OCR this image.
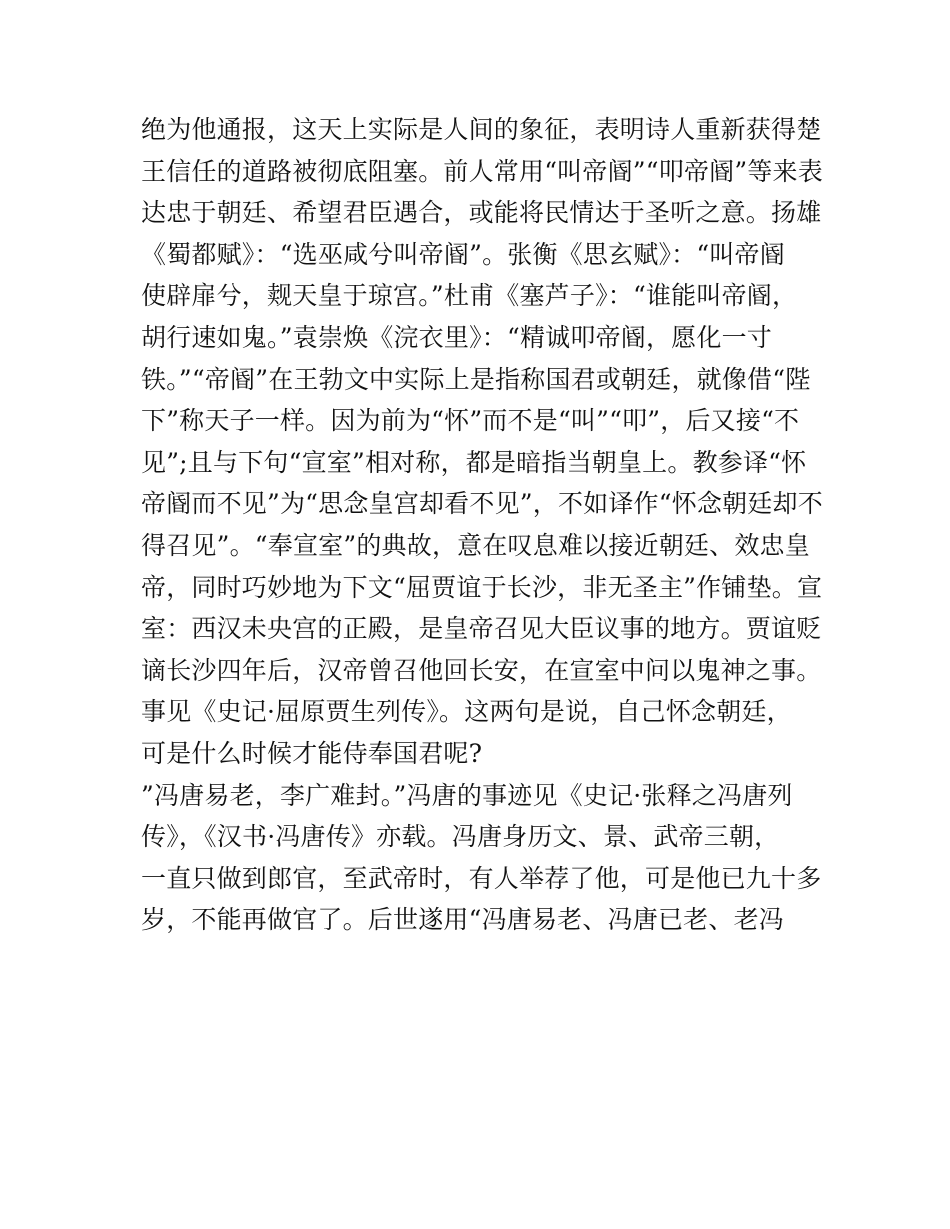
绝为他通报，这天上实际是人间的象征，表明诗人重新获得楚
王信任的道路被彻底阻塞。前人常用“叫帝阍”“叩帝阍”等来表
达忠于朝廷、希望君臣遇合，或能将民情达于圣听之意。扬雄
《蜀都赋》：“选巫咸兮叫帝阍”。张衡《思玄赋》：“叫帝阍
使辟扉兮，觌天皇于琼宫。”杜甫《塞芦子》：“谁能叫帝阍，
胡行速如鬼。”袁崇焕《浣衣里》：“精诚叩帝阍，愿化一寸
铁。”“帝阍”在王勃文中实际上是指称国君或朝廷，就像借“陛
下”称天子一样。因为前为“怀”而不是“叫”“叩”，后又接“不
见”;且与下句“宣室”相对称，都是暗指当朝皇上。教参译“怀
帝阍而不见”为“思念皇宫却看不见”，不如译作“怀念朝廷却不
得召见”。“奉宣室”的典故，意在叹息难以接近朝廷、效忠皇
帝，同时巧妙地为下文“屈贾谊于长沙，非无圣主”作铺垫。宣
室：西汉未央宫的正殿，是皇帝召见大臣议事的地方。贾谊贬
谪长沙四年后，汉帝曾召他回长安，在宣室中问以鬼神之事。
事见《史记·屈原贾生列传》。这两句是说，自己怀念朝廷，
可是什么时候才能侍奉国君呢?
”冯唐易老，李广难封。”冯唐的事迹见《史记·张释之冯唐列
传》，《汉书·冯唐传》亦载。冯唐身历文、景、武帝三朝，
一直只做到郎官，至武帝时，有人举荐了他，可是他已九十多
岁，不能再做官了。后世遂用“冯唐易老、冯唐已老、老冯
